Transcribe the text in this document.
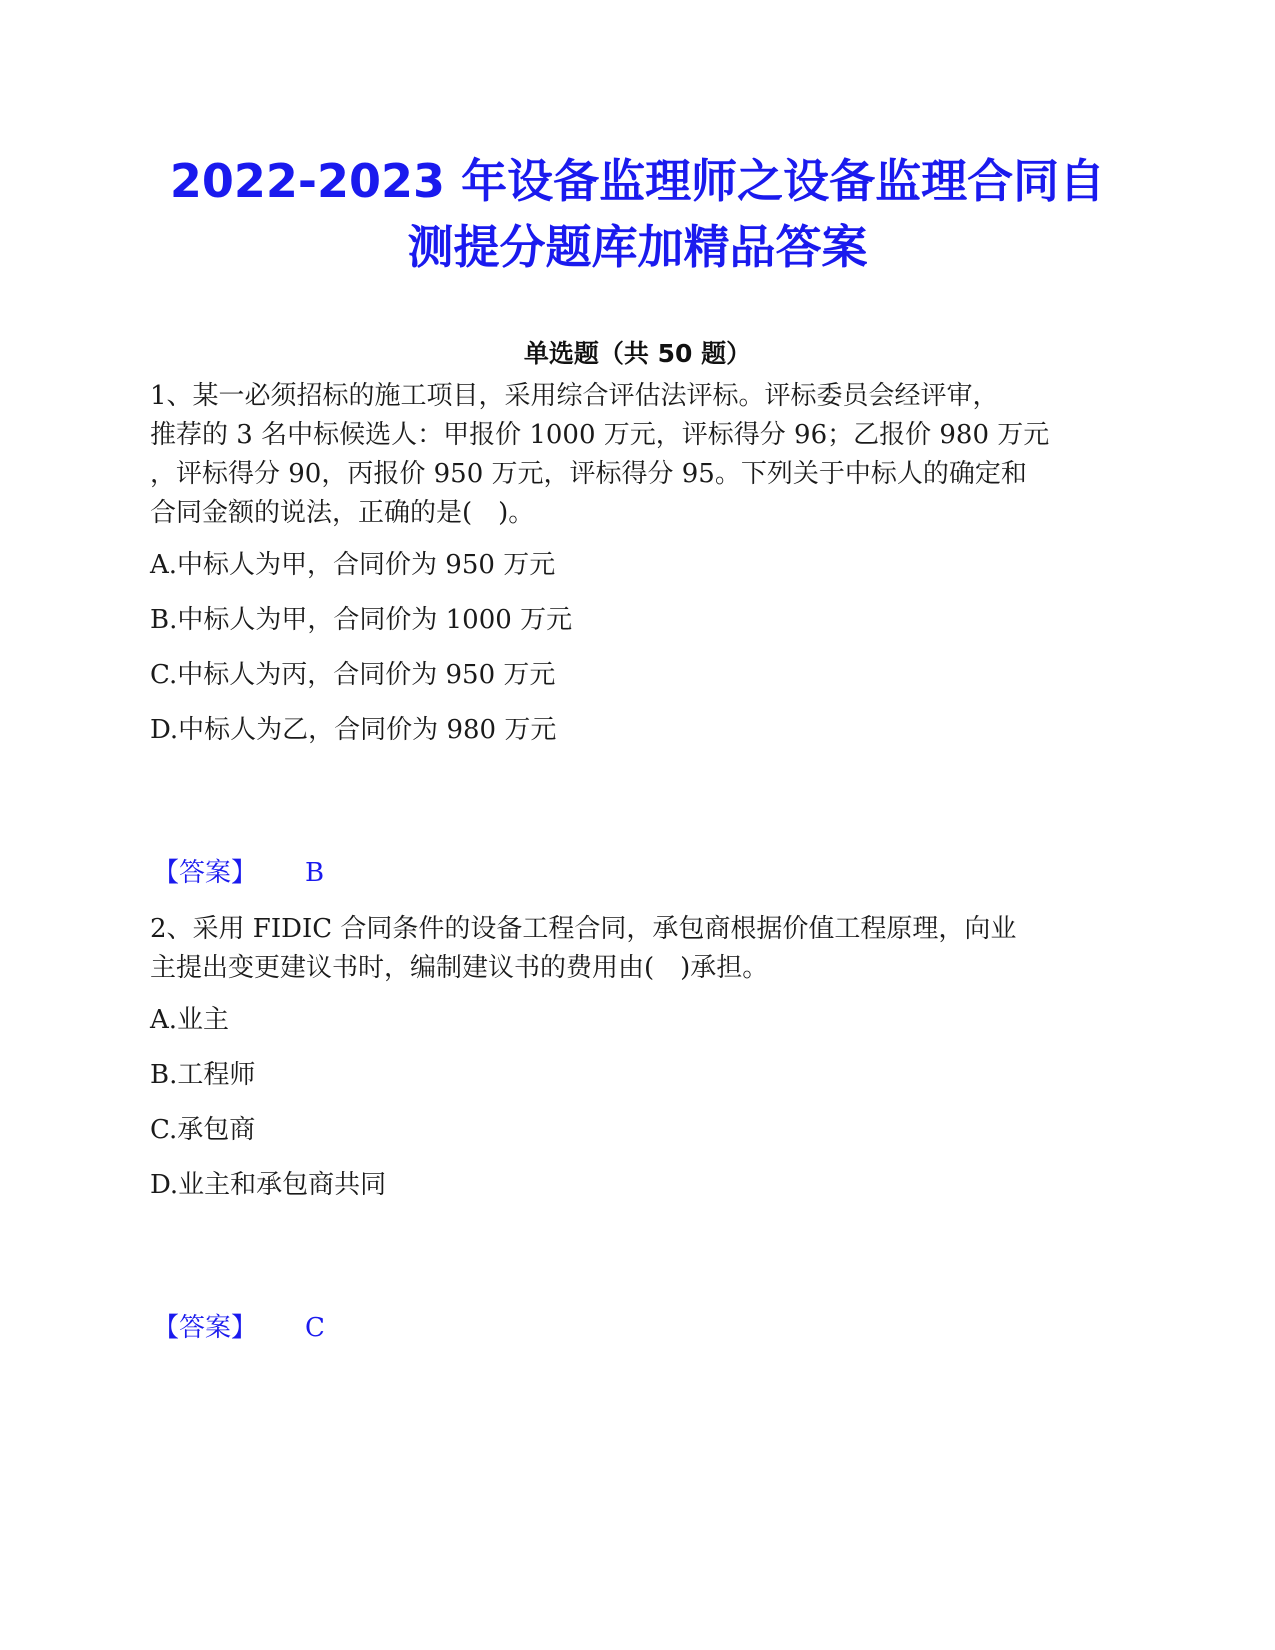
2022-2023 年设备监理师之设备监理合同自
测提分题库加精品答案
单选题（共 50 题）

1、某一必须招标的施工项目，采用综合评估法评标。评标委员会经评审，
推荐的 3 名中标候选人：甲报价 1000 万元，评标得分 96；乙报价 980 万元
，评标得分 90，丙报价 950 万元，评标得分 95。下列关于中标人的确定和
合同金额的说法，正确的是(　)。

A.中标人为甲，合同价为 950 万元
B.中标人为甲，合同价为 1000 万元
C.中标人为丙，合同价为 950 万元
D.中标人为乙，合同价为 980 万元
【答案】 B

2、采用 FIDIC 合同条件的设备工程合同，承包商根据价值工程原理，向业
主提出变更建议书时，编制建议书的费用由(　)承担。

A.业主
B.工程师
C.承包商
D.业主和承包商共同
【答案】 C
